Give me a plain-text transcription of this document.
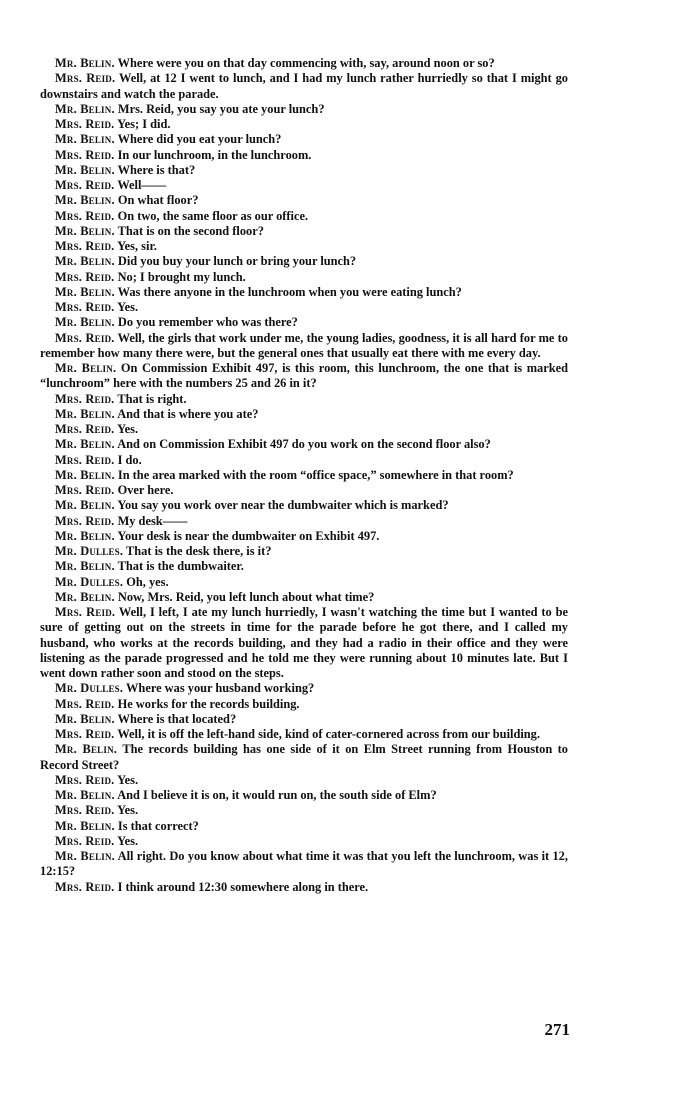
Mr. Belin. Where were you on that day commencing with, say, around noon or so?

Mrs. Reid. Well, at 12 I went to lunch, and I had my lunch rather hurriedly so that I might go downstairs and watch the parade.

Mr. Belin. Mrs. Reid, you say you ate your lunch?

Mrs. Reid. Yes; I did.

Mr. Belin. Where did you eat your lunch?

Mrs. Reid. In our lunchroom, in the lunchroom.

Mr. Belin. Where is that?

Mrs. Reid. Well——

Mr. Belin. On what floor?

Mrs. Reid. On two, the same floor as our office.

Mr. Belin. That is on the second floor?

Mrs. Reid. Yes, sir.

Mr. Belin. Did you buy your lunch or bring your lunch?

Mrs. Reid. No; I brought my lunch.

Mr. Belin. Was there anyone in the lunchroom when you were eating lunch?

Mrs. Reid. Yes.

Mr. Belin. Do you remember who was there?

Mrs. Reid. Well, the girls that work under me, the young ladies, goodness, it is all hard for me to remember how many there were, but the general ones that usually eat there with me every day.

Mr. Belin. On Commission Exhibit 497, is this room, this lunchroom, the one that is marked “lunchroom” here with the numbers 25 and 26 in it?

Mrs. Reid. That is right.

Mr. Belin. And that is where you ate?

Mrs. Reid. Yes.

Mr. Belin. And on Commission Exhibit 497 do you work on the second floor also?

Mrs. Reid. I do.

Mr. Belin. In the area marked with the room “office space,” somewhere in that room?

Mrs. Reid. Over here.

Mr. Belin. You say you work over near the dumbwaiter which is marked?

Mrs. Reid. My desk——

Mr. Belin. Your desk is near the dumbwaiter on Exhibit 497.

Mr. Dulles. That is the desk there, is it?

Mr. Belin. That is the dumbwaiter.

Mr. Dulles. Oh, yes.

Mr. Belin. Now, Mrs. Reid, you left lunch about what time?

Mrs. Reid. Well, I left, I ate my lunch hurriedly, I wasn't watching the time but I wanted to be sure of getting out on the streets in time for the parade before he got there, and I called my husband, who works at the records building, and they had a radio in their office and they were listening as the parade progressed and he told me they were running about 10 minutes late. But I went down rather soon and stood on the steps.

Mr. Dulles. Where was your husband working?

Mrs. Reid. He works for the records building.

Mr. Belin. Where is that located?

Mrs. Reid. Well, it is off the left-hand side, kind of cater-cornered across from our building.

Mr. Belin. The records building has one side of it on Elm Street running from Houston to Record Street?

Mrs. Reid. Yes.

Mr. Belin. And I believe it is on, it would run on, the south side of Elm?

Mrs. Reid. Yes.

Mr. Belin. Is that correct?

Mrs. Reid. Yes.

Mr. Belin. All right. Do you know about what time it was that you left the lunchroom, was it 12, 12:15?

Mrs. Reid. I think around 12:30 somewhere along in there.

271
